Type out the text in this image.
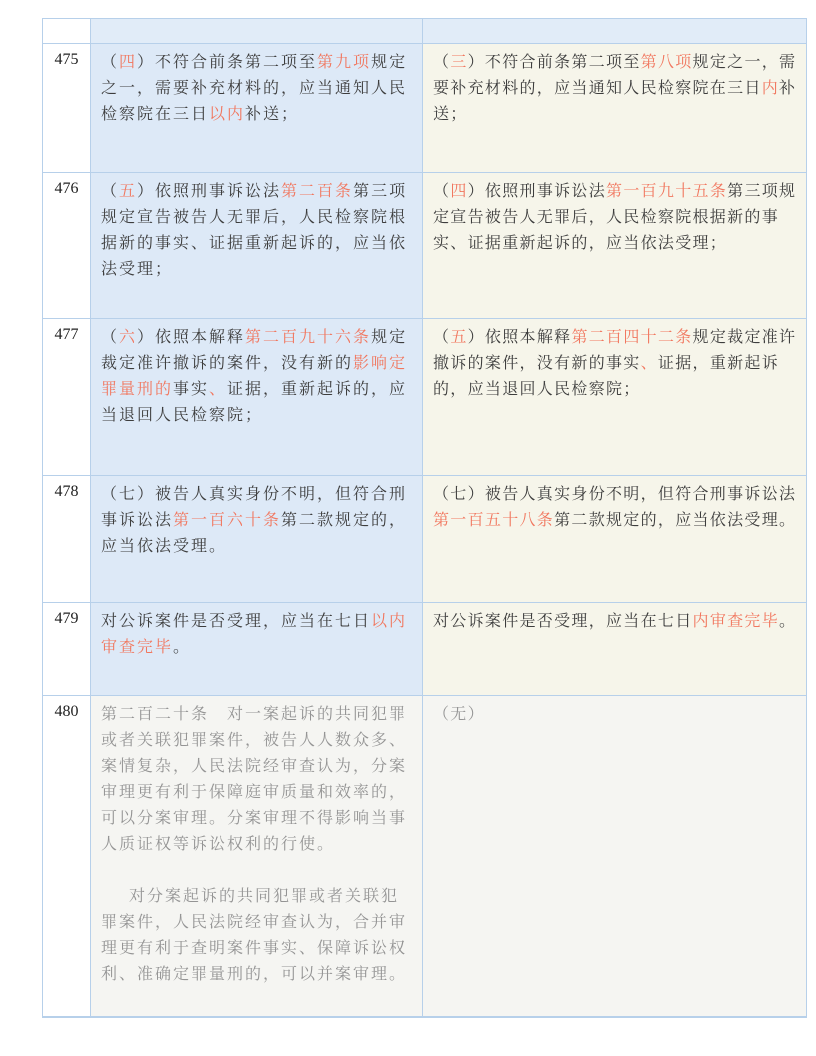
475	（四）不符合前条第二项至第九项规定之一，需要补充材料的，应当通知人民检察院在三日以内补送；	（三）不符合前条第二项至第八项规定之一，需要补充材料的，应当通知人民检察院在三日内补送；

476	（五）依照刑事诉讼法第二百条第三项规定宣告被告人无罪后，人民检察院根据新的事实、证据重新起诉的，应当依法受理；	（四）依照刑事诉讼法第一百九十五条第三项规定宣告被告人无罪后，人民检察院根据新的事实、证据重新起诉的，应当依法受理；

477	（六）依照本解释第二百九十六条规定裁定准许撤诉的案件，没有新的影响定罪量刑的事实、证据，重新起诉的，应当退回人民检察院；	（五）依照本解释第二百四十二条规定裁定准许撤诉的案件，没有新的事实、证据，重新起诉的，应当退回人民检察院；

478	（七）被告人真实身份不明，但符合刑事诉讼法第一百六十条第二款规定的，应当依法受理。	（七）被告人真实身份不明，但符合刑事诉讼法第一百五十八条第二款规定的，应当依法受理。

479	对公诉案件是否受理，应当在七日以内审查完毕。	对公诉案件是否受理，应当在七日内审查完毕。

480	第二百二十条　对一案起诉的共同犯罪或者关联犯罪案件，被告人人数众多、案情复杂，人民法院经审查认为，分案审理更有利于保障庭审质量和效率的，可以分案审理。分案审理不得影响当事人质证权等诉讼权利的行使。
对分案起诉的共同犯罪或者关联犯罪案件，人民法院经审查认为，合并审理更有利于查明案件事实、保障诉讼权利、准确定罪量刑的，可以并案审理。	（无）
